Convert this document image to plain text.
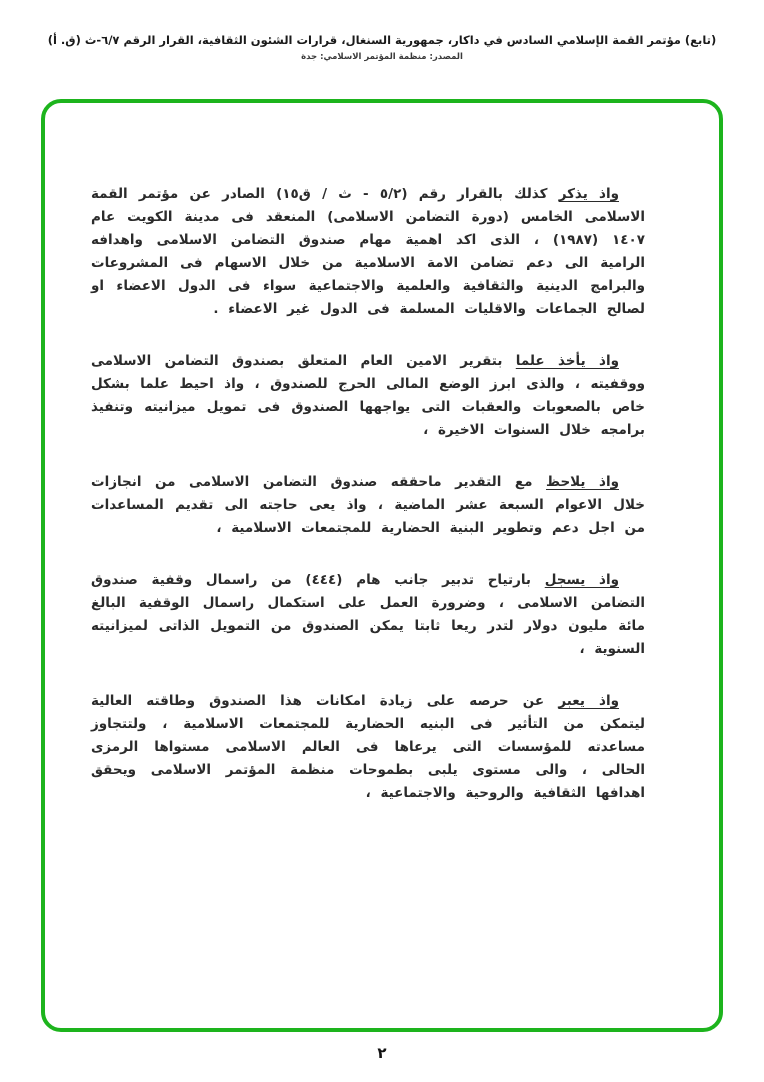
(تابع) مؤتمر القمة الإسلامي السادس في داكار، جمهورية السنغال، قرارات الشئون الثقافية، القرار الرقم ٦/٧-ث (ق. أ)
المصدر: منظمة المؤتمر الاسلامي: جدة

واذ يذكر كذلك بالقرار رقم (٥/٢ - ث / ق١٥) الصادر عن مؤتمر القمة الاسلامى الخامس (دورة التضامن الاسلامى) المنعقد فى مدينة الكويت عام ١٤٠٧ (١٩٨٧) ، الذى اكد اهمية مهام صندوق التضامن الاسلامى واهدافه الرامية الى دعم تضامن الامة الاسلامية من خلال الاسهام فى المشروعات والبرامج الدينية والثقافية والعلمية والاجتماعية سواء فى الدول الاعضاء او لصالح الجماعات والاقليات المسلمة فى الدول غير الاعضاء .

واذ يأخذ علما بتقرير الامين العام المتعلق بصندوق التضامن الاسلامى ووقفيته ، والذى ابرز الوضع المالى الحرج للصندوق ، واذ احيط علما بشكل خاص بالصعوبات والعقبات التى يواجهها الصندوق فى تمويل ميزانيته وتنفيذ برامجه خلال السنوات الاخيرة ،

واذ يلاحظ مع التقدير ماحققه صندوق التضامن الاسلامى من انجازات خلال الاعوام السبعة عشر الماضية ، واذ يعى حاجته الى تقديم المساعدات من اجل دعم وتطوير البنية الحضارية للمجتمعات الاسلامية ،

واذ يسجل بارتياح تدبير جانب هام (٤٤٤) من راسمال وقفية صندوق التضامن الاسلامى ، وضرورة العمل على استكمال راسمال الوقفية البالغ مائة مليون دولار لتدر ريعا ثابتا يمكن الصندوق من التمويل الذاتى لميزانيته السنوية ،

واذ يعبر عن حرصه على زيادة امكانات هذا الصندوق وطاقته العالية ليتمكن من التأثير فى البنيه الحضارية للمجتمعات الاسلامية ، ولتتجاوز مساعدته للمؤسسات التى يرعاها فى العالم الاسلامى مستواها الرمزى الحالى ، والى مستوى يلبى بطموحات منظمة المؤتمر الاسلامى ويحقق اهدافها الثقافية والروحية والاجتماعية ،

٢
